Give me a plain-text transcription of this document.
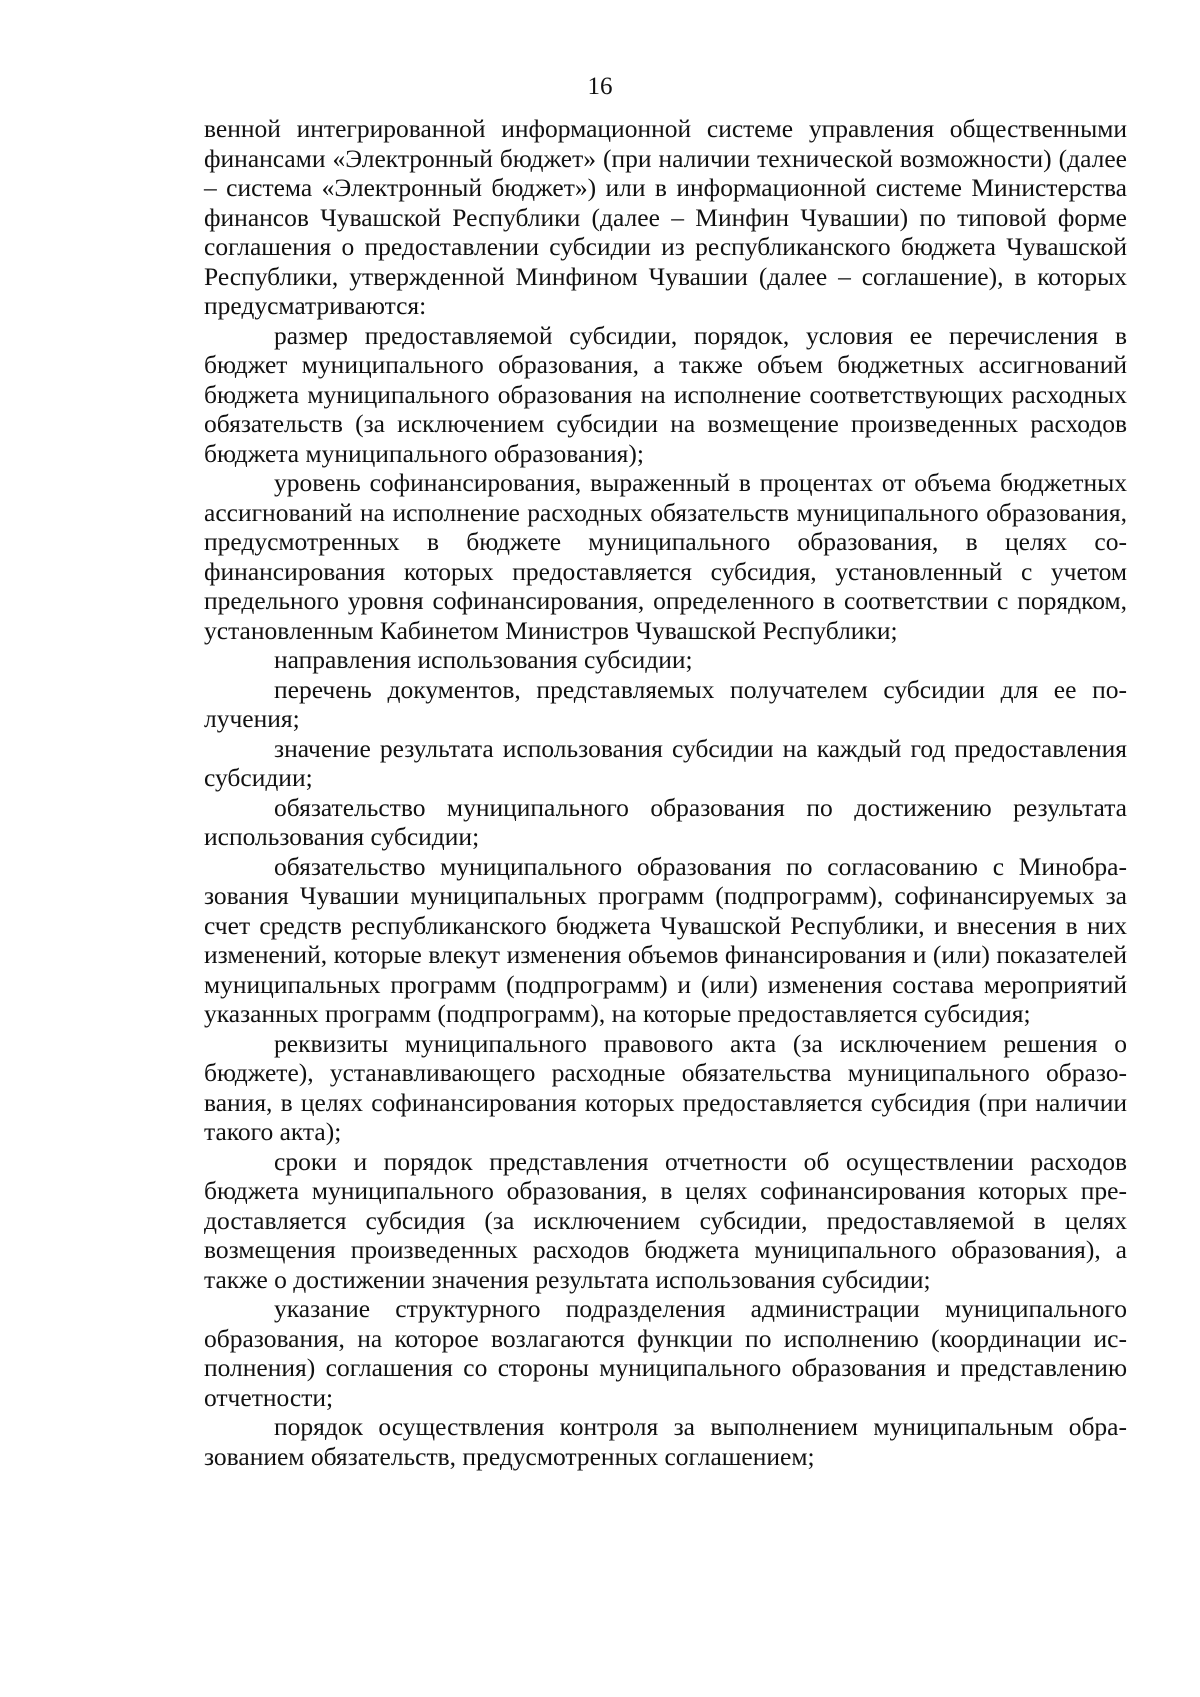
16

венной интегрированной информационной системе управления общественными финансами «Электронный бюджет» (при наличии технической возможности) (далее – система «Электронный бюджет») или в информационной системе Министерства финансов Чувашской Республики (далее – Минфин Чувашии) по типовой форме соглашения о предоставлении субсидии из республиканского бюджета Чувашской Республики, утвержденной Минфином Чувашии (далее – соглашение), в которых предусматриваются:

размер предоставляемой субсидии, порядок, условия ее перечисления в бюджет муниципального образования, а также объем бюджетных ассигнований бюджета муниципального образования на исполнение соответствующих расходных обязательств (за исключением субсидии на возмещение произведенных расходов бюджета муниципального образования);

уровень софинансирования, выраженный в процентах от объема бюджетных ассигнований на исполнение расходных обязательств муниципального образования, предусмотренных в бюджете муниципального образования, в целях софинансирования которых предоставляется субсидия, установленный с учетом предельного уровня софинансирования, определенного в соответствии с порядком, установленным Кабинетом Министров Чувашской Республики;

направления использования субсидии;

перечень документов, представляемых получателем субсидии для ее получения;

значение результата использования субсидии на каждый год предоставления субсидии;

обязательство муниципального образования по достижению результата использования субсидии;

обязательство муниципального образования по согласованию с Минобразования Чувашии муниципальных программ (подпрограмм), софинансируемых за счет средств республиканского бюджета Чувашской Республики, и внесения в них изменений, которые влекут изменения объемов финансирования и (или) показателей муниципальных программ (подпрограмм) и (или) изменения состава мероприятий указанных программ (подпрограмм), на которые предоставляется субсидия;

реквизиты муниципального правового акта (за исключением решения о бюджете), устанавливающего расходные обязательства муниципального образования, в целях софинансирования которых предоставляется субсидия (при наличии такого акта);

сроки и порядок представления отчетности об осуществлении расходов бюджета муниципального образования, в целях софинансирования которых предоставляется субсидия (за исключением субсидии, предоставляемой в целях возмещения произведенных расходов бюджета муниципального образования), а также о достижении значения результата использования субсидии;

указание структурного подразделения администрации муниципального образования, на которое возлагаются функции по исполнению (координации исполнения) соглашения со стороны муниципального образования и представлению отчетности;

порядок осуществления контроля за выполнением муниципальным образованием обязательств, предусмотренных соглашением;
